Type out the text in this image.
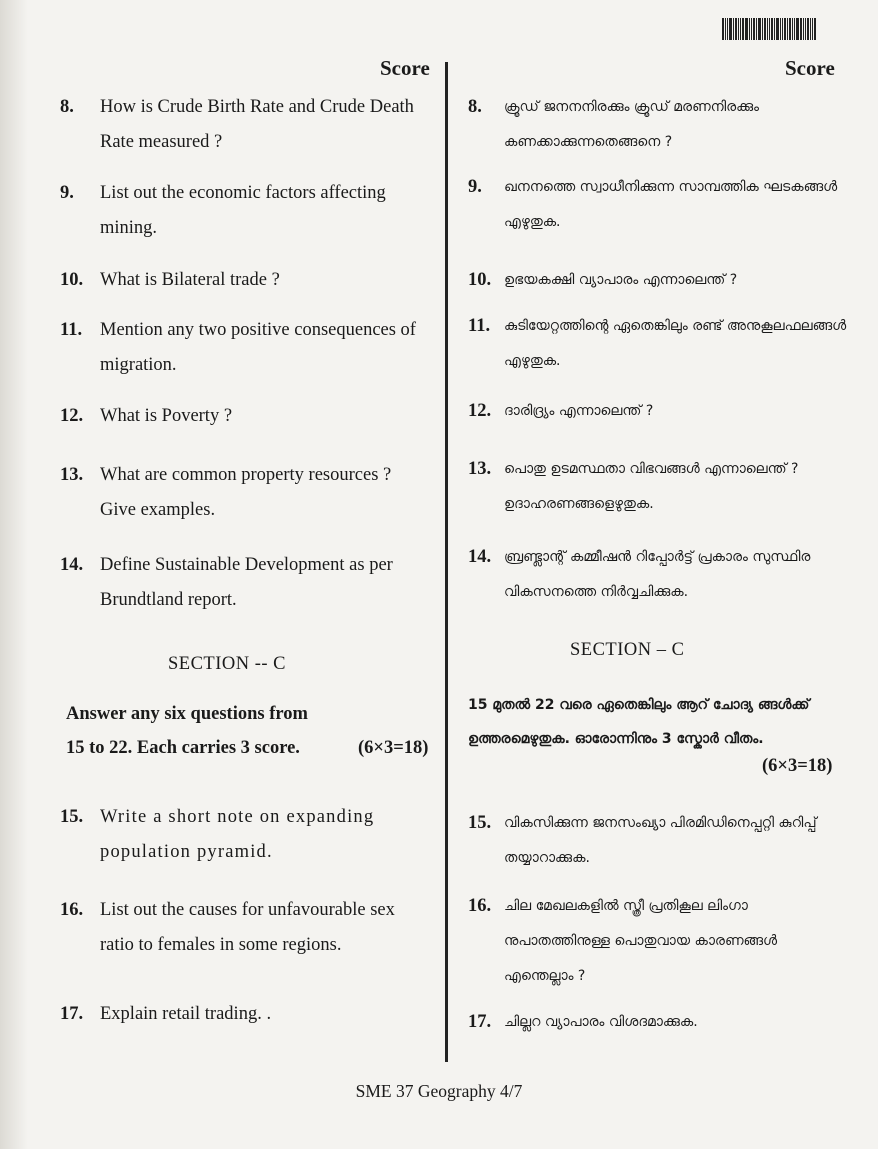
Score	Score
8. How is Crude Birth Rate and Crude Death Rate measured ?
9. List out the economic factors affecting mining.
10. What is Bilateral trade ?
11. Mention any two positive consequences of migration.
12. What is Poverty ?
13. What are common property resources ? Give examples.
14. Define Sustainable Development as per Brundtland report.
SECTION -- C
Answer any six questions from
15 to 22. Each carries 3 score.	(6×3=18)
15. Write a short note on expanding population pyramid.
16. List out the causes for unfavourable sex ratio to females in some regions.
17. Explain retail trading. .
8. ക്രൂഡ് ജനനനിരക്കും ക്രൂഡ് മരണനിരക്കും കണക്കാക്കുന്നതെങ്ങനെ ?
9. ഖനനത്തെ സ്വാധീനിക്കുന്ന സാമ്പത്തിക ഘടകങ്ങൾ എഴുതുക.
10. ഉഭയകക്ഷി വ്യാപാരം എന്നാലെന്ത് ?
11. കുടിയേറ്റത്തിന്റെ ഏതെങ്കിലും രണ്ട് അനുകൂലഫലങ്ങൾ എഴുതുക.
12. ദാരിദ്ര്യം എന്നാലെന്ത് ?
13. പൊതു ഉടമസ്ഥതാ വിഭവങ്ങൾ എന്നാലെന്ത് ? ഉദാഹരണങ്ങളെഴുതുക.
14. ബ്രണ്ട്ലാന്റ് കമ്മീഷൻ റിപ്പോർട്ട് പ്രകാരം സുസ്ഥിര വികസനത്തെ നിർവ്വചിക്കുക.
SECTION – C
15 മുതൽ 22 വരെ ഏതെങ്കിലും ആറ് ചോദ്യ ങ്ങൾക്ക് ഉത്തരമെഴുതുക. ഓരോന്നിനും 3 സ്കോർ വീതം.
(6×3=18)
15. വികസിക്കുന്ന ജനസംഖ്യാ പിരമിഡിനെപ്പറ്റി കുറിപ്പ് തയ്യാറാക്കുക.
16. ചില മേഖലകളിൽ സ്ത്രീ പ്രതികൂല ലിംഗാ നുപാതത്തിനുള്ള പൊതുവായ കാരണങ്ങൾ എന്തെല്ലാം ?
17. ചില്ലറ വ്യാപാരം വിശദമാക്കുക.
SME 37 Geography 4/7
